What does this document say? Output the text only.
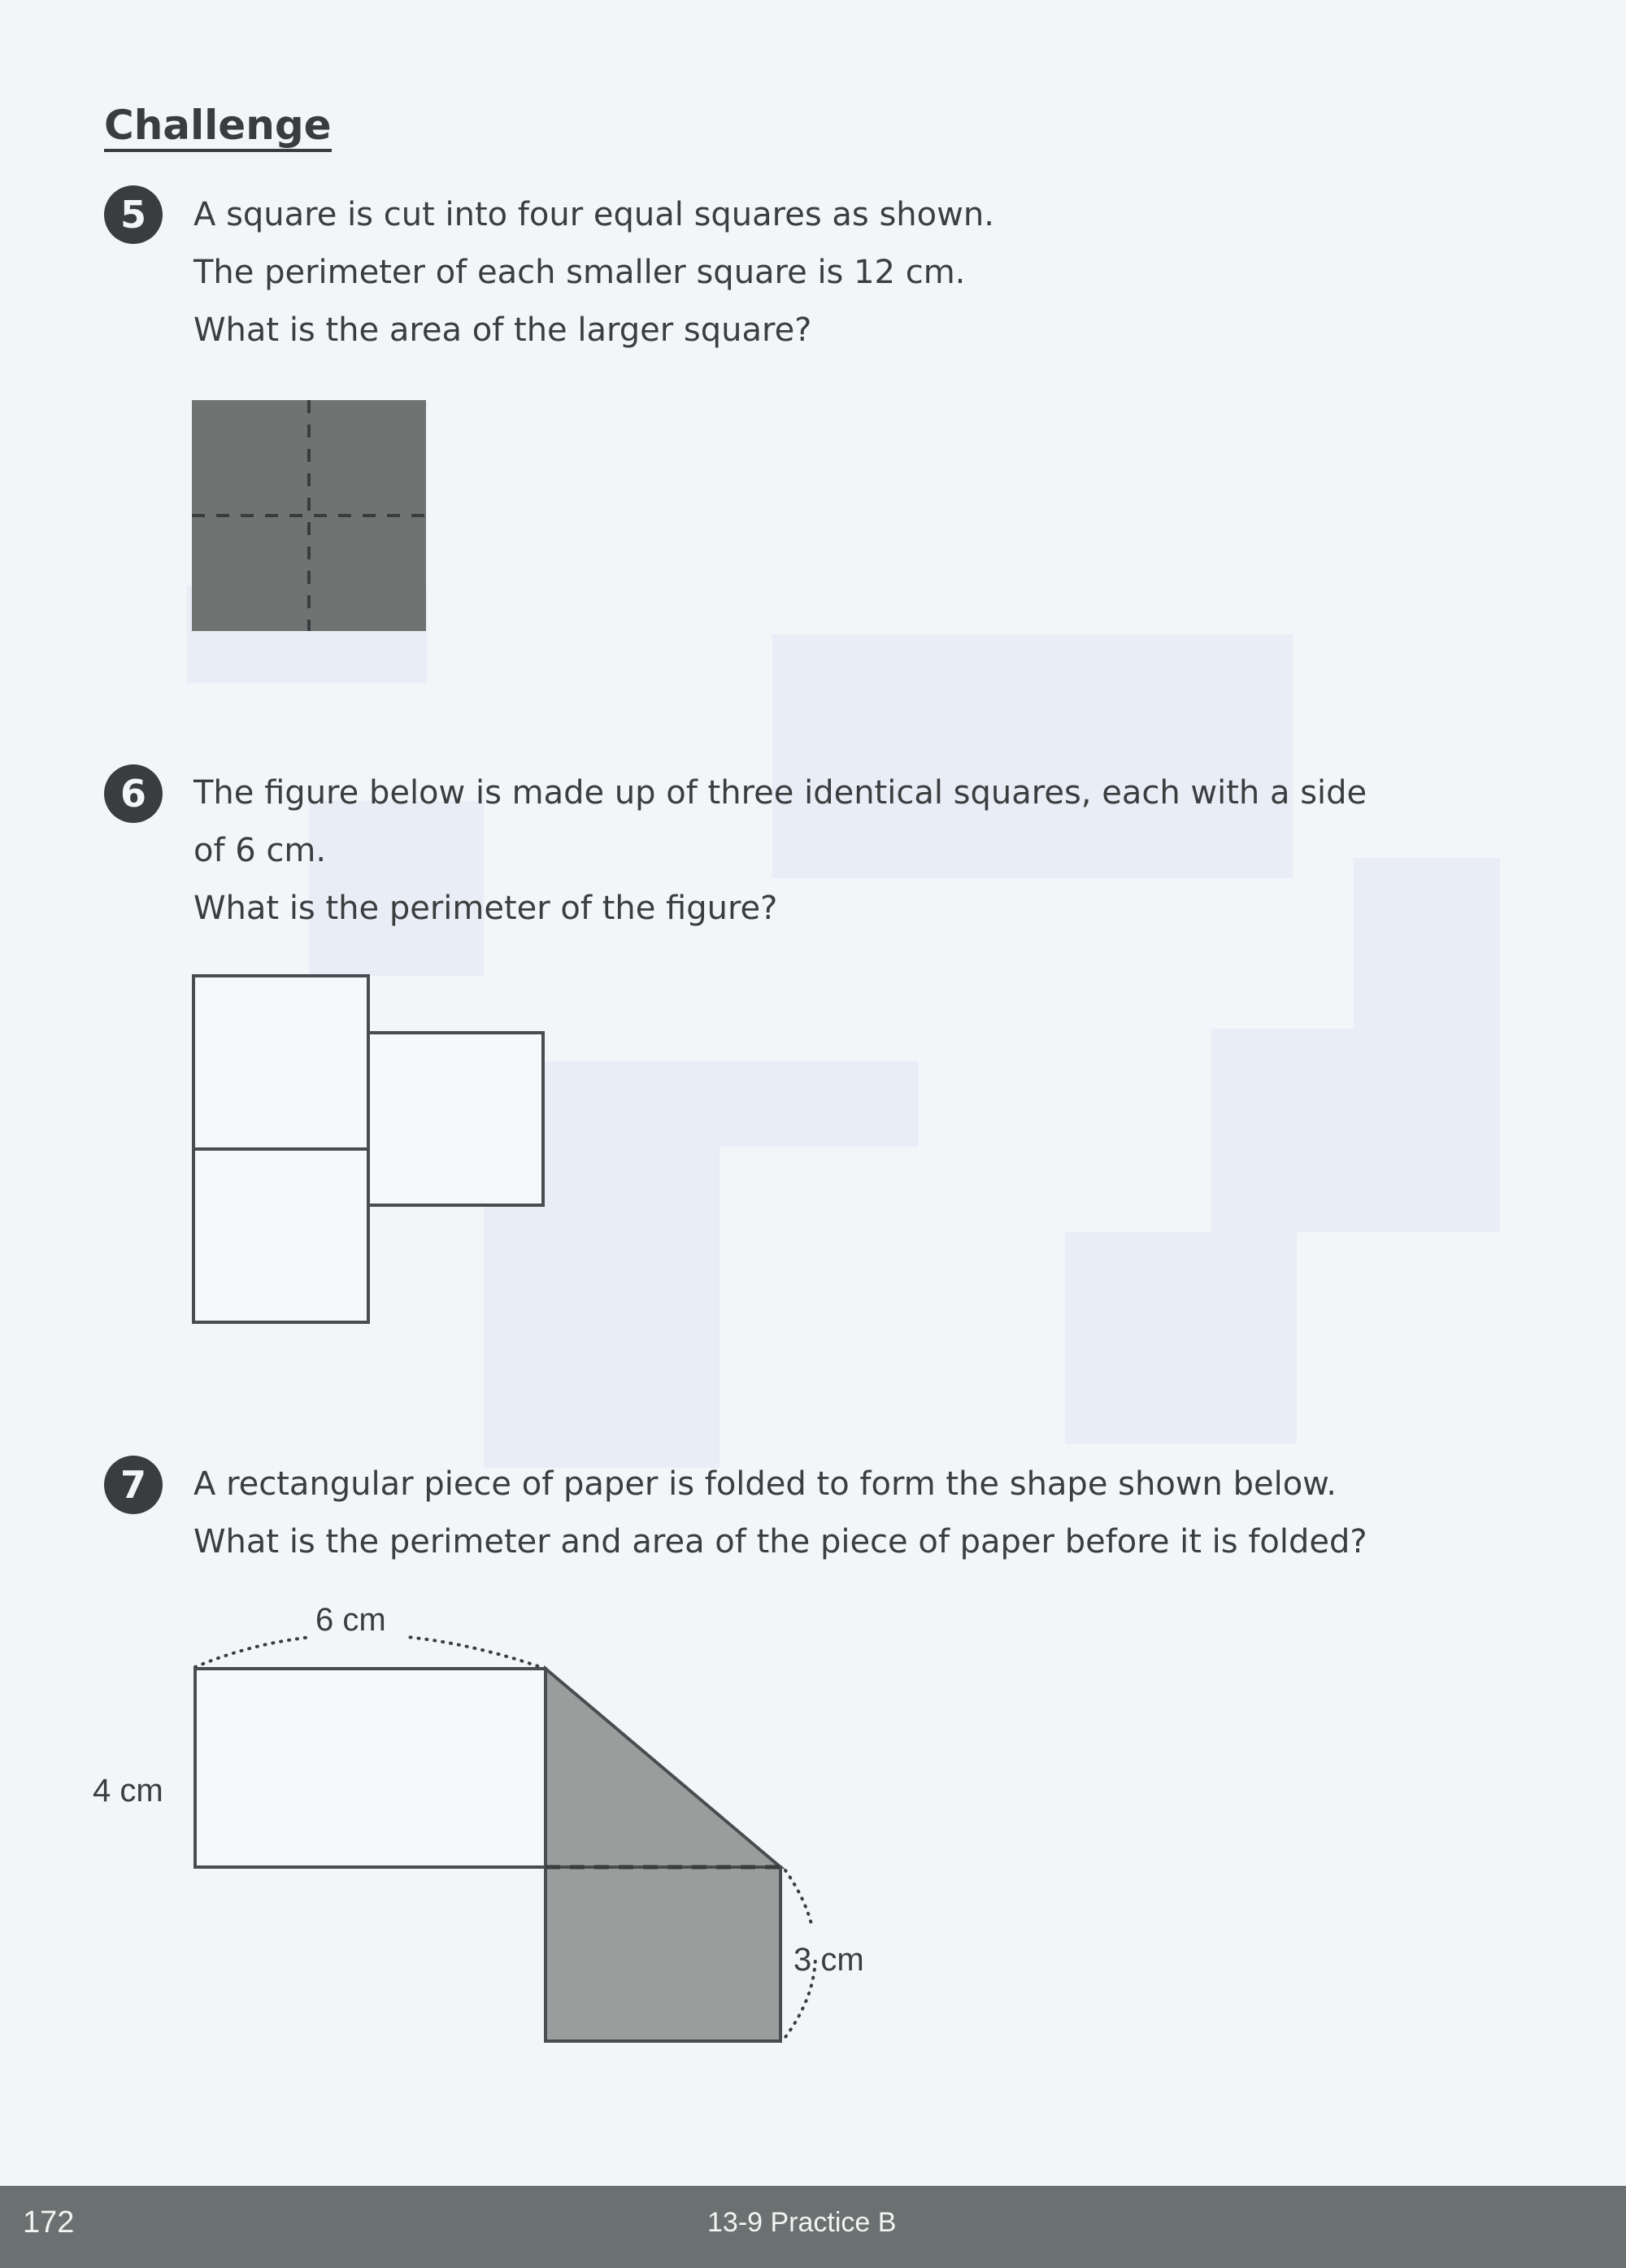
Challenge
5 A square is cut into four equal squares as shown.
The perimeter of each smaller square is 12 cm.
What is the area of the larger square?
6 The figure below is made up of three identical squares, each with a side
of 6 cm.
What is the perimeter of the figure?
7 A rectangular piece of paper is folded to form the shape shown below.
What is the perimeter and area of the piece of paper before it is folded?
6 cm
4 cm
3 cm
172	13-9 Practice B
